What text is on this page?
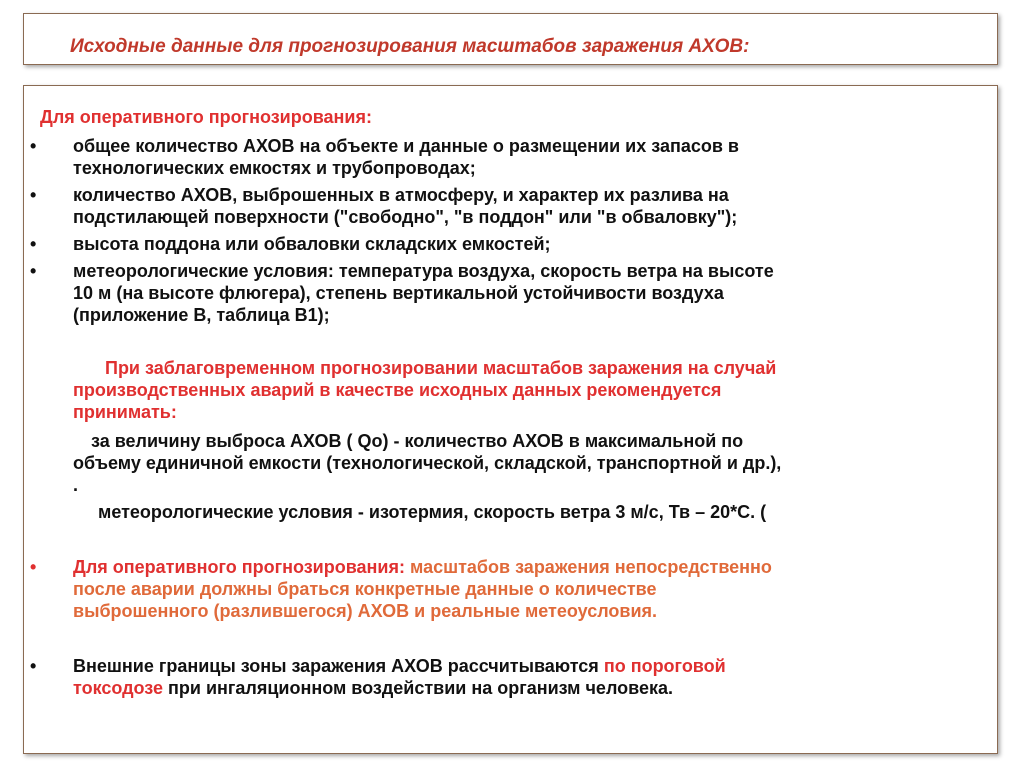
Исходные данные для прогнозирования масштабов заражения АХОВ:
Для оперативного прогнозирования:
• общее количество АХОВ на объекте и данные о размещении их запасов в
технологических емкостях и трубопроводах;
• количество АХОВ, выброшенных в атмосферу, и характер их разлива на
подстилающей поверхности ("свободно", "в поддон" или "в обваловку");
• высота поддона или обваловки складских емкостей;
• метеорологические условия: температура воздуха, скорость ветра на высоте
10 м (на высоте флюгера), степень вертикальной устойчивости воздуха
(приложение В, таблица В1);
При заблаговременном прогнозировании масштабов заражения на случай
производственных аварий в качестве исходных данных рекомендуется
принимать:
за величину выброса АХОВ ( Qo) - количество АХОВ в максимальной по
объему единичной емкости (технологической, складской, транспортной и др.),
.
метеорологические условия - изотермия, скорость ветра 3 м/с, Тв – 20*С. (
• Для оперативного прогнозирования: масштабов заражения непосредственно
после аварии должны браться конкретные данные о количестве
выброшенного (разлившегося) АХОВ и реальные метеоусловия.
• Внешние границы зоны заражения АХОВ рассчитываются по пороговой
токсодозе при ингаляционном воздействии на организм человека.
